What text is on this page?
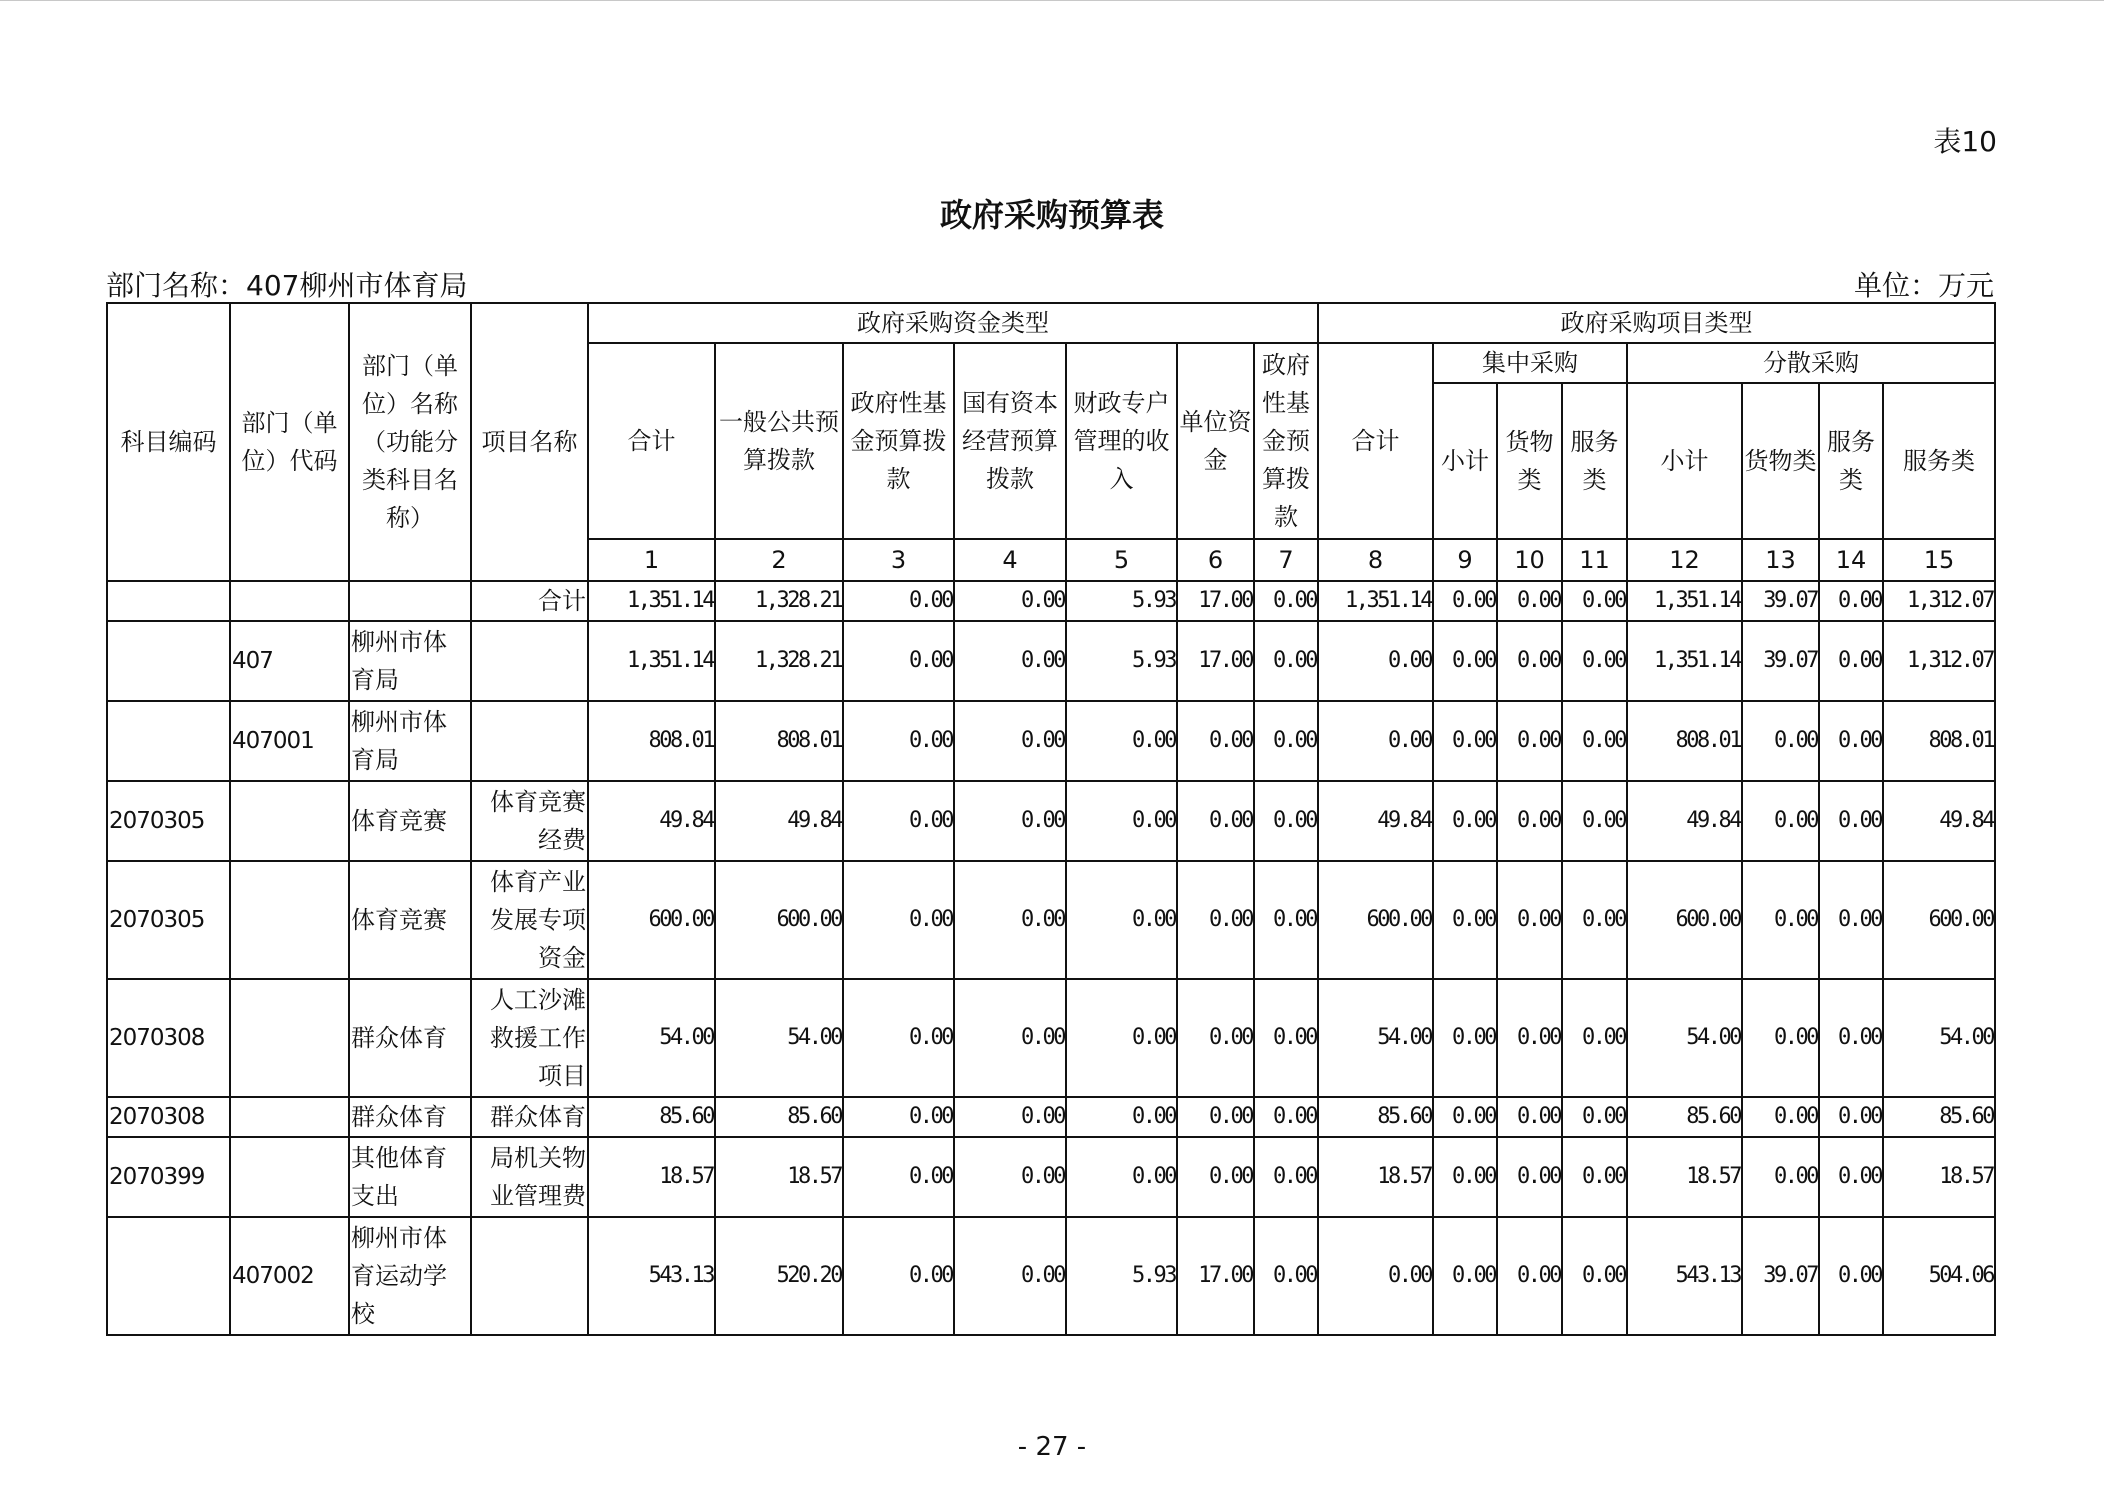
表10
政府采购预算表
部门名称：407柳州市体育局	单位：万元
科目编码	部门（单位）代码	部门（单位）名称（功能分类科目名称）	项目名称	政府采购资金类型							政府采购项目类型							
				合计	一般公共预算拨款	政府性基金预算拨款	国有资本经营预算拨款	财政专户管理的收入	单位资金	政府性基金预算拨款	合计	集中采购			分散采购			
												小计	货物类	服务类	小计	货物类	服务类	服务类
				1	2	3	4	5	6	7	8	9	10	11	12	13	14	15
			合计	1,351.14	1,328.21	0.00	0.00	5.93	17.00	0.00	1,351.14	0.00	0.00	0.00	1,351.14	39.07	0.00	1,312.07
	407	柳州市体育局		1,351.14	1,328.21	0.00	0.00	5.93	17.00	0.00	0.00	0.00	0.00	0.00	1,351.14	39.07	0.00	1,312.07
	407001	柳州市体育局		808.01	808.01	0.00	0.00	0.00	0.00	0.00	0.00	0.00	0.00	0.00	808.01	0.00	0.00	808.01
2070305		体育竞赛	体育竞赛经费	49.84	49.84	0.00	0.00	0.00	0.00	0.00	49.84	0.00	0.00	0.00	49.84	0.00	0.00	49.84
2070305		体育竞赛	体育产业发展专项资金	600.00	600.00	0.00	0.00	0.00	0.00	0.00	600.00	0.00	0.00	0.00	600.00	0.00	0.00	600.00
2070308		群众体育	人工沙滩救援工作项目	54.00	54.00	0.00	0.00	0.00	0.00	0.00	54.00	0.00	0.00	0.00	54.00	0.00	0.00	54.00
2070308		群众体育	群众体育	85.60	85.60	0.00	0.00	0.00	0.00	0.00	85.60	0.00	0.00	0.00	85.60	0.00	0.00	85.60
2070399		其他体育支出	局机关物业管理费	18.57	18.57	0.00	0.00	0.00	0.00	0.00	18.57	0.00	0.00	0.00	18.57	0.00	0.00	18.57
	407002	柳州市体育运动学校		543.13	520.20	0.00	0.00	5.93	17.00	0.00	0.00	0.00	0.00	0.00	543.13	39.07	0.00	504.06
- 27 -
